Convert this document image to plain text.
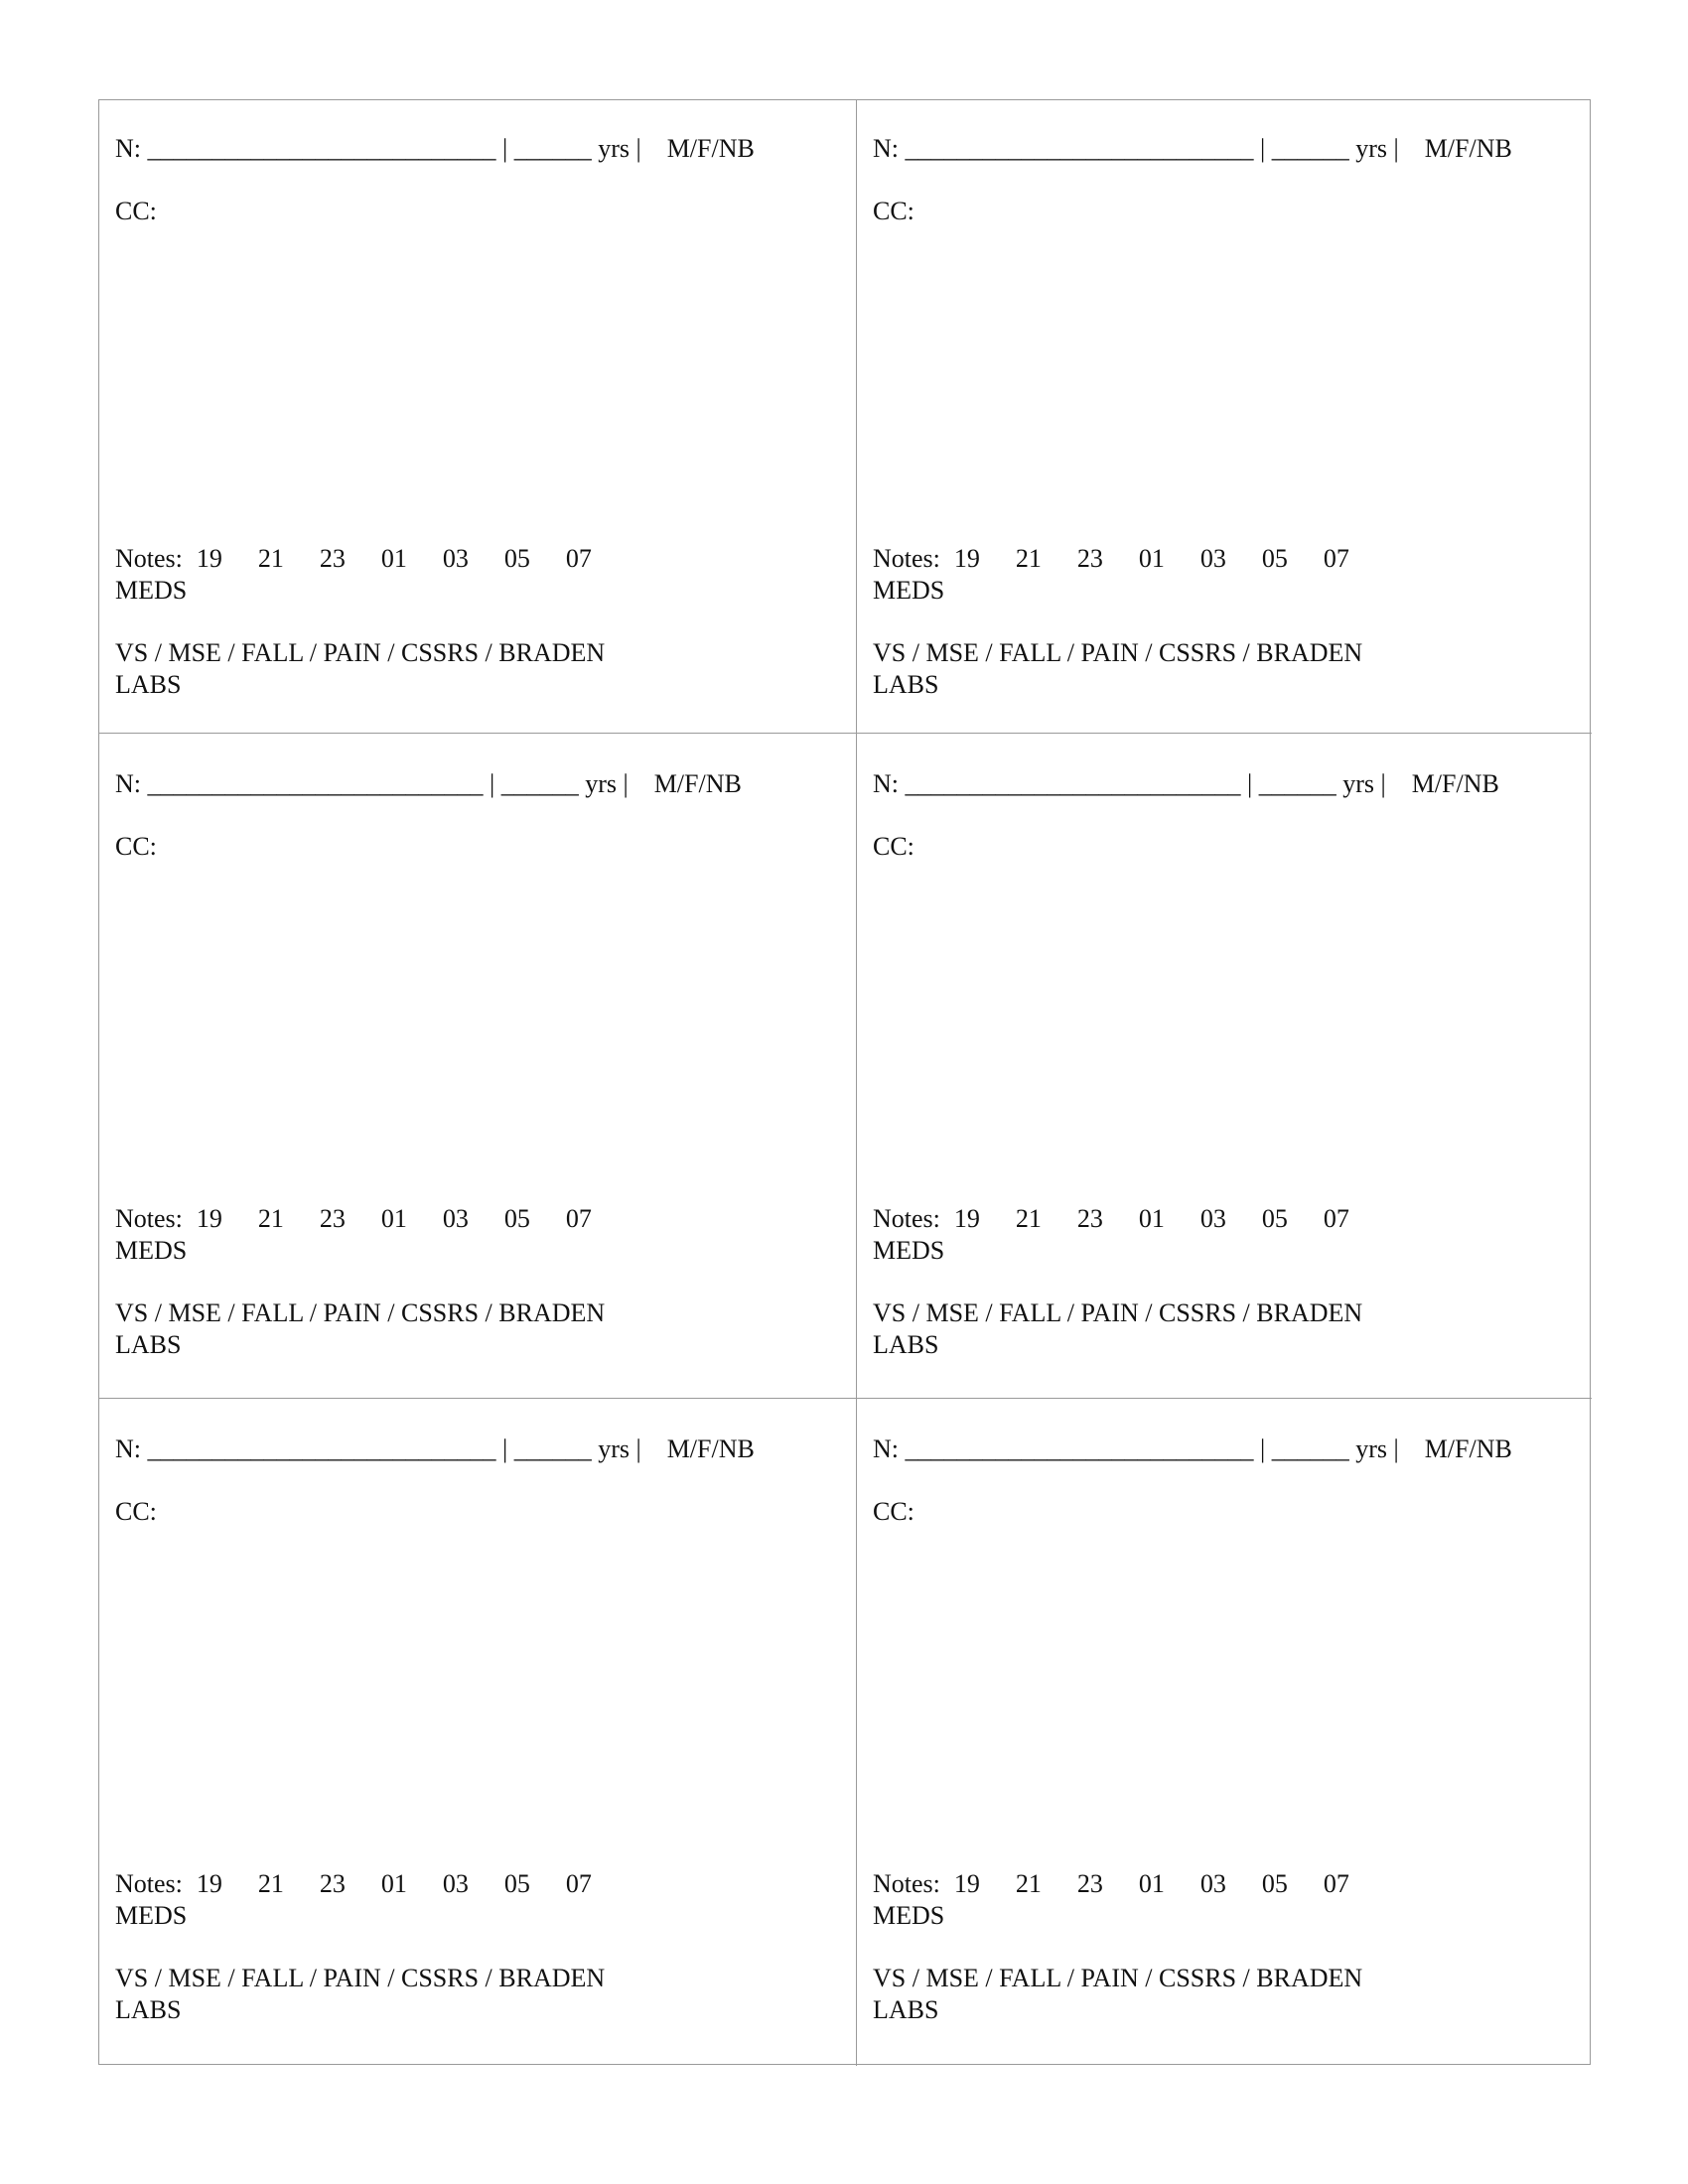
N: ___________________________ | ______ yrs | M/F/NB
CC:
Notes: 19 21 23 01 03 05 07
MEDS
VS / MSE / FALL / PAIN / CSSRS / BRADEN
LABS
N: ___________________________ | ______ yrs | M/F/NB
CC:
Notes: 19 21 23 01 03 05 07
MEDS
VS / MSE / FALL / PAIN / CSSRS / BRADEN
LABS
N: __________________________ | ______ yrs | M/F/NB
CC:
Notes: 19 21 23 01 03 05 07
MEDS
VS / MSE / FALL / PAIN / CSSRS / BRADEN
LABS
N: __________________________ | ______ yrs | M/F/NB
CC:
Notes: 19 21 23 01 03 05 07
MEDS
VS / MSE / FALL / PAIN / CSSRS / BRADEN
LABS
N: ___________________________ | ______ yrs | M/F/NB
CC:
Notes: 19 21 23 01 03 05 07
MEDS
VS / MSE / FALL / PAIN / CSSRS / BRADEN
LABS
N: ___________________________ | ______ yrs | M/F/NB
CC:
Notes: 19 21 23 01 03 05 07
MEDS
VS / MSE / FALL / PAIN / CSSRS / BRADEN
LABS
